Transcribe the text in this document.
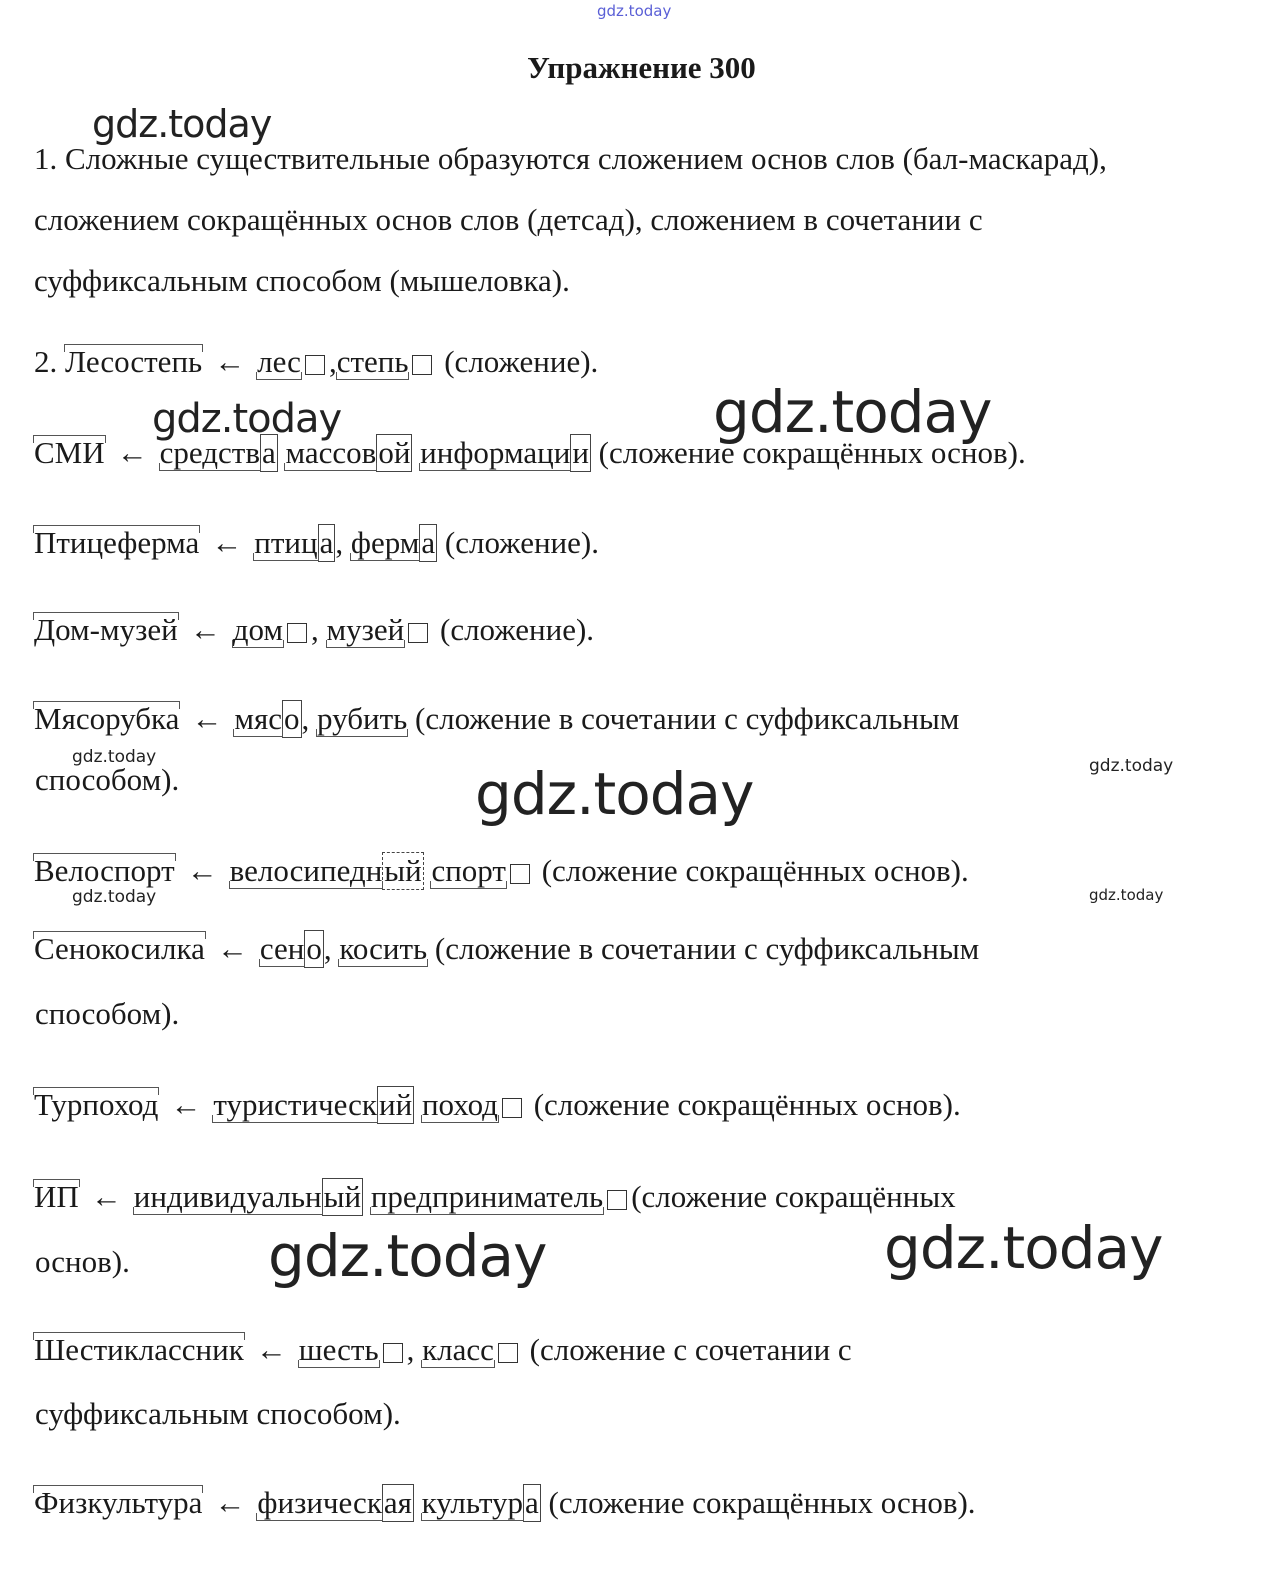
gdz.today
gdz.today
gdz.today	gdz.today
gdz.today	gdz.today
gdz.today
gdz.today	gdz.today
gdz.today	gdz.today
Упражнение 300
1. Сложные существительные образуются сложением основ слов (бал-маскарад), сложением сокращённых основ слов (детсад), сложением в сочетании с суффиксальным способом (мышеловка).
2. Лесостепь ← лес ,степь (сложение).
СМИ ← средства массовой информации (сложение сокращённых основ).
Птицеферма ← птица, ферма (сложение).
Дом-музей ← дом , музей (сложение).
Мясорубка ← мясо, рубить (сложение в сочетании с суффиксальным
способом).
Велоспорт ← велосипедный спорт (сложение сокращённых основ).
Сенокосилка ← сено, косить (сложение в сочетании с суффиксальным
способом).
Турпоход ← туристический поход (сложение сокращённых основ).
ИП ← индивидуальный предприниматель (сложение сокращённых
основ).
Шестиклассник ← шесть , класс (сложение с сочетании с
суффиксальным способом).
Физкультура ← физическая культура (сложение сокращённых основ).
